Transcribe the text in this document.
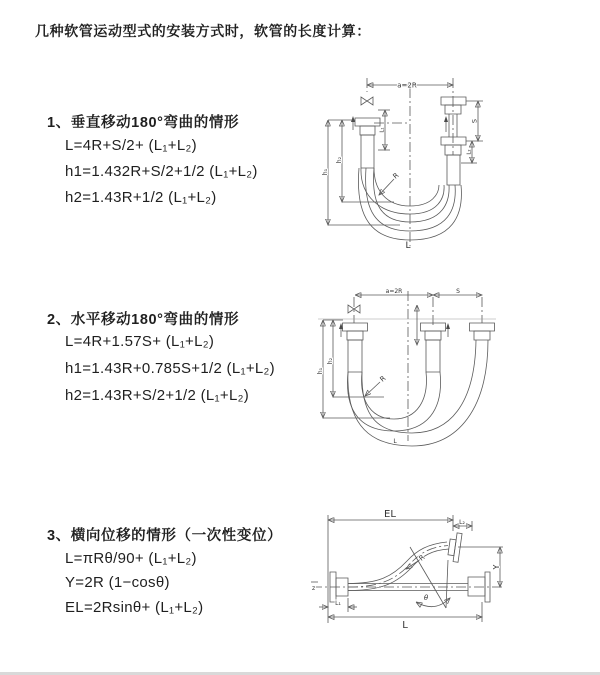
几种软管运动型式的安装方式时，软管的长度计算：
1、垂直移动180°弯曲的情形
L=4R+S/2+ (L₁+L₂)
h1=1.432R+S/2+1/2 (L₁+L₂)
h2=1.43R+1/2 (L₁+L₂)
2、水平移动180°弯曲的情形
L=4R+1.57S+ (L₁+L₂)
h1=1.43R+0.785S+1/2 (L₁+L₂)
h2=1.43R+S/2+1/2 (L₁+L₂)
3、横向位移的情形（一次性变位）
L=πRθ/90+ (L₁+L₂)
Y=2R (1−cosθ)
EL=2Rsinθ+ (L₁+L₂)
a=2R
S
L₂
L₁
h₁
h₂
R
L
a=2R	S
h₁
h₂
R
L
z
EL
L₂
Y
R
θ
L
L₁
